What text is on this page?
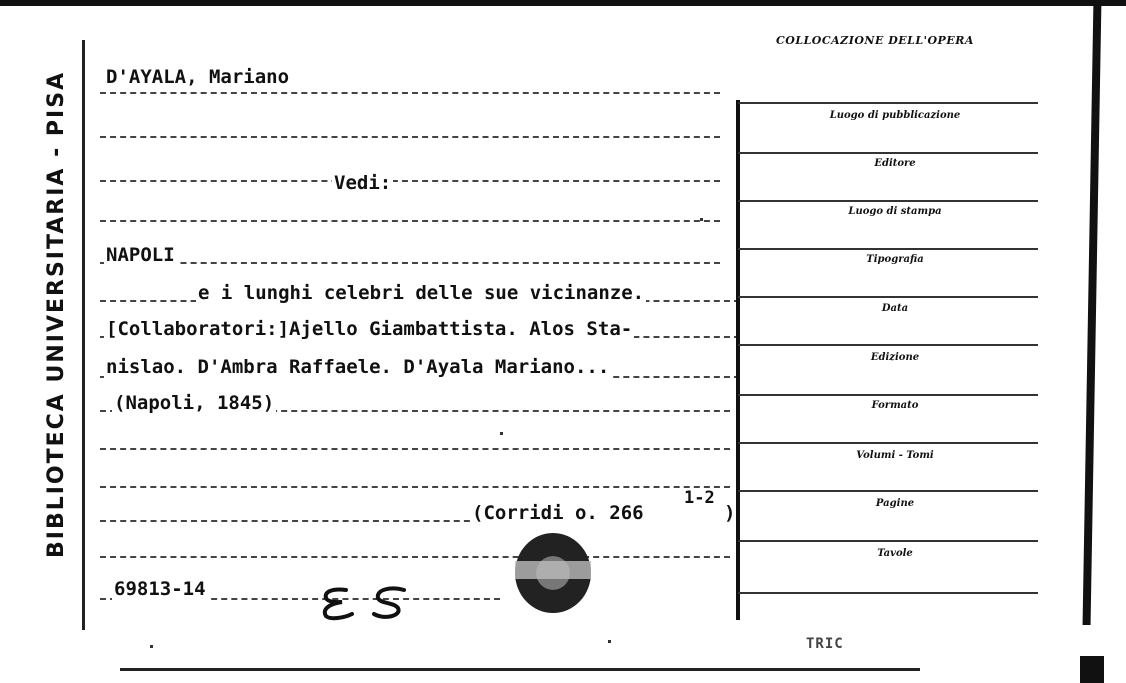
BIBLIOTECA UNIVERSITARIA - PISA D'AYALA, Mariano
Vedi:
NAPOLI
e i lunghi celebri delle sue vicinanze.
[Collaboratori:]Ajello Giambattista. Alos Sta-
nislao. D'Ambra Raffaele. D'Ayala Mariano...
(Napoli, 1845)
(Corridi o. 266
1-2
)
69813-14
COLLOCAZIONE DELL'OPERA
Luogo di pubblicazione
Editore
Luogo di stampa
Tipografia
Data
Edizione
Formato
Volumi - Tomi
Pagine
Tavole
TRIC
